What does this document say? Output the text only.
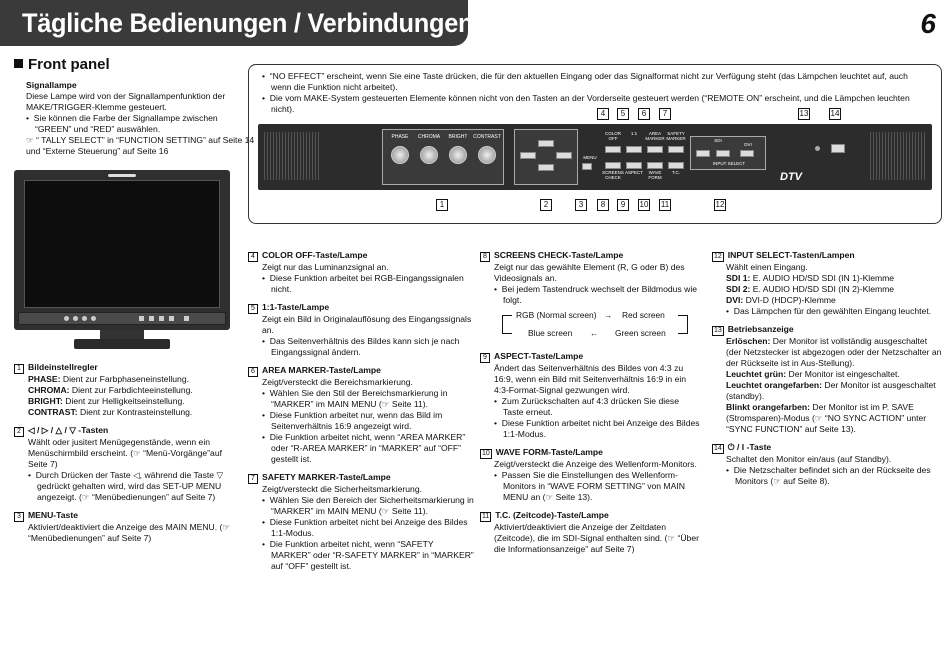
Tägliche Bedienungen / Verbindungen	6
Front panel
Signallampe
Diese Lampe wird von der Signallampenfunktion der MAKE/TRIGGER-Klemme gesteuert.
•  Sie können die Farbe der Signallampe zwischen “GREEN” und “RED” auswählen.
☞ “ TALLY SELECT” in “FUNCTION SETTING” auf Seite 14 und “Externe Steuerung” auf Seite 16
1 Bildeinstellregler
PHASE: Dient zur Farbphaseneinstellung.
CHROMA: Dient zur Farbdichteeinstellung.
BRIGHT: Dient zur Helligkeitseinstellung.
CONTRAST: Dient zur Kontrasteinstellung.
2 ◁ / ▷ / △ / ▽ -Tasten
Wählt oder jusitert Menügegenstände, wenn ein Menüschirmbild erscheint. (☞ “Menü-Vorgänge”auf Seite 7)
•  Durch Drücken der Taste ◁, während die Taste ▽ gedrückt gehalten wird, wird das SET-UP MENU angezeigt. (☞ “Menübedienungen” auf Seite 7)
3 MENU-Taste
Aktiviert/deaktiviert die Anzeige des MAIN MENU. (☞ “Menübedienungen” auf Seite 7)
•  “NO EFFECT” erscheint, wenn Sie eine Taste drücken, die für den aktuellen Eingang oder das Signalformat nicht zur Verfügung steht (das Lämpchen leuchtet auf, auch wenn die Funktion nicht arbeitet).
•  Die vom MAKE-System gesteuerten Elemente können nicht von den Tasten an der Vorderseite gesteuert werden (“REMOTE ON” erscheint, und die Lämpchen leuchten nicht).
PHASE	CHROMA	BRIGHT	CONTRAST
MENU
COLOR OFF
1:1	AREA MARKER
SAFETY MARKER
SCREENS CHECK
ASPECT	WAVE FORM
T.C.
SDI
DVI
INPUT SELECT
DTV
4	5	6	7	13	14
1	2	3	8	9	10 11	12
4 COLOR OFF-Taste/Lampe
Zeigt nur das Luminanzsignal an.
•  Diese Funktion arbeitet bei RGB-Eingangssignalen nicht.
5 1:1-Taste/Lampe
Zeigt ein Bild in Originalauflösung des Eingangssignals an.
•  Das Seitenverhältnis des Bildes kann sich je nach Eingangssignal ändern.
6 AREA MARKER-Taste/Lampe
Zeigt/versteckt die Bereichsmarkierung.
•  Wählen Sie den Stil der Bereichsmarkierung in “MARKER” im MAIN MENU (☞ Seite 11).
•  Diese Funktion arbeitet nur, wenn das Bild im Seitenverhältnis 16:9 angezeigt wird.
•  Die Funktion arbeitet nicht, wenn “AREA MARKER” oder “R-AREA MARKER” in “MARKER” auf “OFF” gestellt ist.
7 SAFETY MARKER-Taste/Lampe
Zeigt/versteckt die Sicherheitsmarkierung.
•  Wählen Sie den Bereich der Sicherheitsmarkierung in “MARKER” im MAIN MENU (☞ Seite 11).
•  Diese Funktion arbeitet nicht bei Anzeige des Bildes 1:1-Modus.
•  Die Funktion arbeitet nicht, wenn “SAFETY MARKER” oder “R-SAFETY MARKER” in “MARKER” auf “OFF” gestellt ist.
8 SCREENS CHECK-Taste/Lampe
Zeigt nur das gewählte Element (R, G oder B) des Videosignals an.
•  Bei jedem Tastendruck wechselt der Bildmodus wie folgt.
RGB (Normal screen) → Red screen
Green screen
←
Blue screen
9 ASPECT-Taste/Lampe
Ändert das Seitenverhältnis des Bildes von 4:3 zu 16:9, wenn ein Bild mit Seitenverhältnis 16:9 in ein 4:3-Format-Signal gezwungen wird.
•  Zum Zurückschalten auf 4:3 drücken Sie diese Taste erneut.
•  Diese Funktion arbeitet nicht bei Anzeige des Bildes 1:1-Modus.
10 WAVE FORM-Taste/Lampe
Zeigt/versteckt die Anzeige des Wellenform-Monitors.
•  Passen Sie die Einstellungen des Wellenform-Monitors in “WAVE FORM SETTING” von MAIN MENU an (☞ Seite 13).
11 T.C. (Zeitcode)-Taste/Lampe
Aktiviert/deaktiviert die Anzeige der Zeitdaten (Zeitcode), die im SDI-Signal enthalten sind. (☞ “Über die Informationsanzeige” auf Seite 7)
12 INPUT SELECT-Tasten/Lampen
Wählt einen Eingang.
SDI 1: E. AUDIO HD/SD SDI (IN 1)-Klemme
SDI 2: E. AUDIO HD/SD SDI (IN 2)-Klemme
DVI: DVI-D (HDCP)-Klemme
•  Das Lämpchen für den gewählten Eingang leuchtet.
13 Betriebsanzeige
Erlöschen: Der Monitor ist vollständig ausgeschaltet (der Netzstecker ist abgezogen oder der Netzschalter an der Rückseite ist in Aus-Stellung).
Leuchtet grün: Der Monitor ist eingeschaltet.
Leuchtet orangefarben: Der Monitor ist ausgeschaltet (standby).
Blinkt orangefarben: Der Monitor ist im P. SAVE (Stromsparen)-Modus (☞ “NO SYNC ACTION” unter “SYNC FUNCTION” auf Seite 13).
14 ⏻ / I -Taste
Schaltet den Monitor ein/aus (auf Standby).
•  Die Netzschalter befindet sich an der Rückseite des Monitors (☞ auf Seite 8).
